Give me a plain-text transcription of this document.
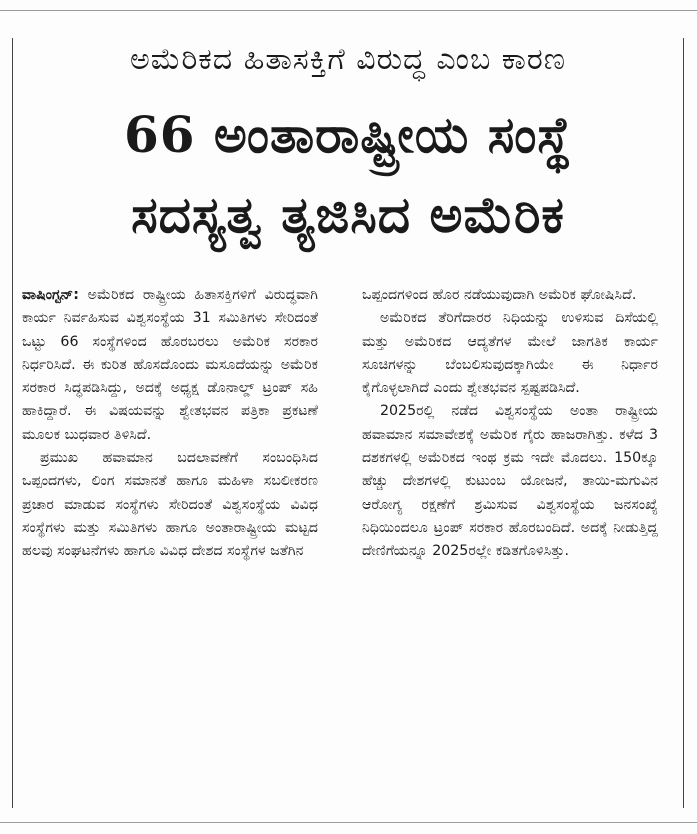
ಅಮೆರಿಕದ ಹಿತಾಸಕ್ತಿಗೆ ವಿರುದ್ಧ ಎಂಬ ಕಾರಣ
66 ಅಂತಾರಾಷ್ಟ್ರೀಯ ಸಂಸ್ಥೆ
ಸದಸ್ಯತ್ವ ತ್ಯಜಿಸಿದ ಅಮೆರಿಕ

ವಾಷಿಂಗ್ಟನ್: ಅಮೆರಿಕದ ರಾಷ್ಟ್ರೀಯ ಹಿತಾಸಕ್ತಿಗಳಿಗೆ ವಿರುದ್ಧವಾಗಿ ಕಾರ್ಯ ನಿರ್ವಹಿಸುವ ವಿಶ್ವಸಂಸ್ಥೆಯ 31 ಸಮಿತಿಗಳು ಸೇರಿದಂತೆ ಒಟ್ಟು 66 ಸಂಸ್ಥೆಗಳಿಂದ ಹೊರಬರಲು ಅಮೆರಿಕ ಸರಕಾರ ನಿರ್ಧರಿಸಿದೆ. ಈ ಕುರಿತ ಹೊಸದೊಂದು ಮಸೂದೆಯನ್ನು ಅಮೆರಿಕ ಸರಕಾರ ಸಿದ್ಧಪಡಿಸಿದ್ದು, ಅದಕ್ಕೆ ಅಧ್ಯಕ್ಷ ಡೊನಾಲ್ಡ್ ಟ್ರಂಪ್ ಸಹಿ ಹಾಕಿದ್ದಾರೆ. ಈ ವಿಷಯವನ್ನು ಶ್ವೇತಭವನ ಪತ್ರಿಕಾ ಪ್ರಕಟಣೆ ಮೂಲಕ ಬುಧವಾರ ತಿಳಿಸಿದೆ.

ಪ್ರಮುಖ ಹವಾಮಾನ ಬದಲಾವಣೆಗೆ ಸಂಬಂಧಿಸಿದ ಒಪ್ಪಂದಗಳು, ಲಿಂಗ ಸಮಾನತೆ ಹಾಗೂ ಮಹಿಳಾ ಸಬಲೀಕರಣ ಪ್ರಚಾರ ಮಾಡುವ ಸಂಸ್ಥೆಗಳು ಸೇರಿದಂತೆ ವಿಶ್ವಸಂಸ್ಥೆಯ ವಿವಿಧ ಸಂಸ್ಥೆಗಳು ಮತ್ತು ಸಮಿತಿಗಳು ಹಾಗೂ ಅಂತಾರಾಷ್ಟ್ರೀಯ ಮಟ್ಟದ ಹಲವು ಸಂಘಟನೆಗಳು ಹಾಗೂ ವಿವಿಧ ದೇಶದ ಸಂಸ್ಥೆಗಳ ಜತೆಗಿನ

ಒಪ್ಪಂದಗಳಿಂದ ಹೊರ ನಡೆಯುವುದಾಗಿ ಅಮೆರಿಕ ಘೋಷಿಸಿದೆ.

ಅಮೆರಿಕದ ತೆರಿಗೆದಾರರ ನಿಧಿಯನ್ನು ಉಳಿಸುವ ದಿಸೆಯಲ್ಲಿ ಮತ್ತು ಅಮೆರಿಕದ ಆದ್ಯತೆಗಳ ಮೇಲೆ ಜಾಗತಿಕ ಕಾರ್ಯ ಸೂಚಿಗಳನ್ನು ಬೆಂಬಲಿಸುವುದಕ್ಕಾಗಿಯೇ ಈ ನಿರ್ಧಾರ ಕೈಗೊಳ್ಳಲಾಗಿದೆ ಎಂದು ಶ್ವೇತಭವನ ಸ್ಪಷ್ಟಪಡಿಸಿದೆ.

2025ರಲ್ಲಿ ನಡೆದ ವಿಶ್ವಸಂಸ್ಥೆಯ ಅಂತಾ ರಾಷ್ಟ್ರೀಯ ಹವಾಮಾನ ಸಮಾವೇಶಕ್ಕೆ ಅಮೆರಿಕ ಗೈರು ಹಾಜರಾಗಿತ್ತು. ಕಳೆದ 3 ದಶಕಗಳಲ್ಲಿ ಅಮೆರಿಕದ ಇಂಥ ಕ್ರಮ ಇದೇ ಮೊದಲು. 150ಕ್ಕೂ ಹೆಚ್ಚು ದೇಶಗಳಲ್ಲಿ ಕುಟುಂಬ ಯೋಜನೆ, ತಾಯಿ-ಮಗುವಿನ ಆರೋಗ್ಯ ರಕ್ಷಣೆಗೆ ಶ್ರಮಿಸುವ ವಿಶ್ವಸಂಸ್ಥೆಯ ಜನಸಂಖ್ಯೆ ನಿಧಿಯಿಂದಲೂ ಟ್ರಂಪ್ ಸರಕಾರ ಹೊರಬಂದಿದೆ. ಅದಕ್ಕೆ ನೀಡುತ್ತಿದ್ದ ದೇಣಿಗೆಯನ್ನೂ 2025ರಲ್ಲೇ ಕಡಿತಗೊಳಿಸಿತ್ತು.
